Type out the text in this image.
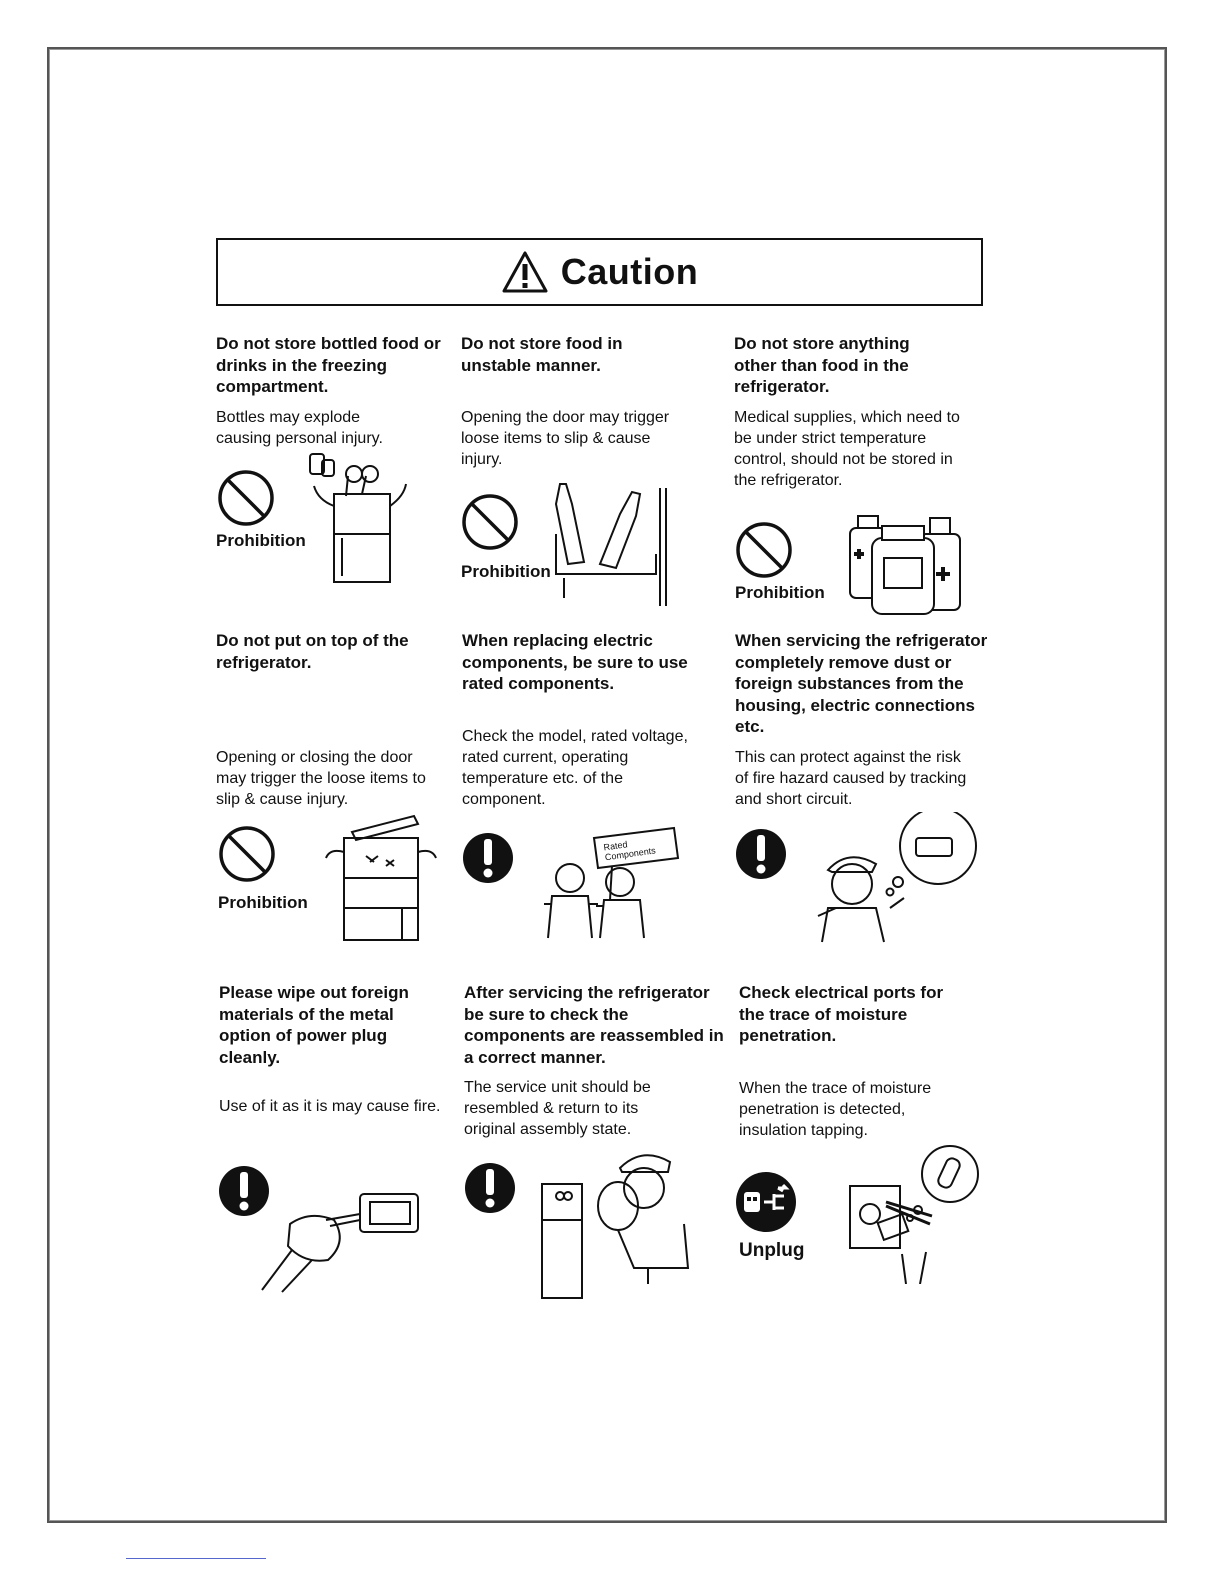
Caution

Do not store bottled food or drinks in the freezing compartment.

Bottles may explode causing personal injury.

Prohibition

Do not store food in unstable manner.

Opening the door may trigger loose items to slip & cause injury.

Prohibition

Do not store anything other than food in the refrigerator.

Medical supplies, which need to be under strict temperature control, should not be stored in the refrigerator.

Prohibition

Do not put on top of the refrigerator.

Opening or closing the door may trigger the loose items to slip & cause injury.

Prohibition

When replacing electric components, be sure to use rated components.

Check the model, rated voltage, rated current, operating temperature etc. of the component.

Rated Components

When servicing the refrigerator completely remove dust or foreign substances from the housing, electric connections etc.

This can protect against the risk of fire hazard caused by tracking and short circuit.

Please wipe out foreign materials of the metal option of power plug cleanly.

Use of it as it is may cause fire.

After servicing the refrigerator be sure to check the components are reassembled in a correct manner.

The service unit should be resembled & return to its original assembly state.

Check electrical ports for the trace of moisture penetration.

When the trace of moisture penetration is detected, insulation tapping.

Unplug
